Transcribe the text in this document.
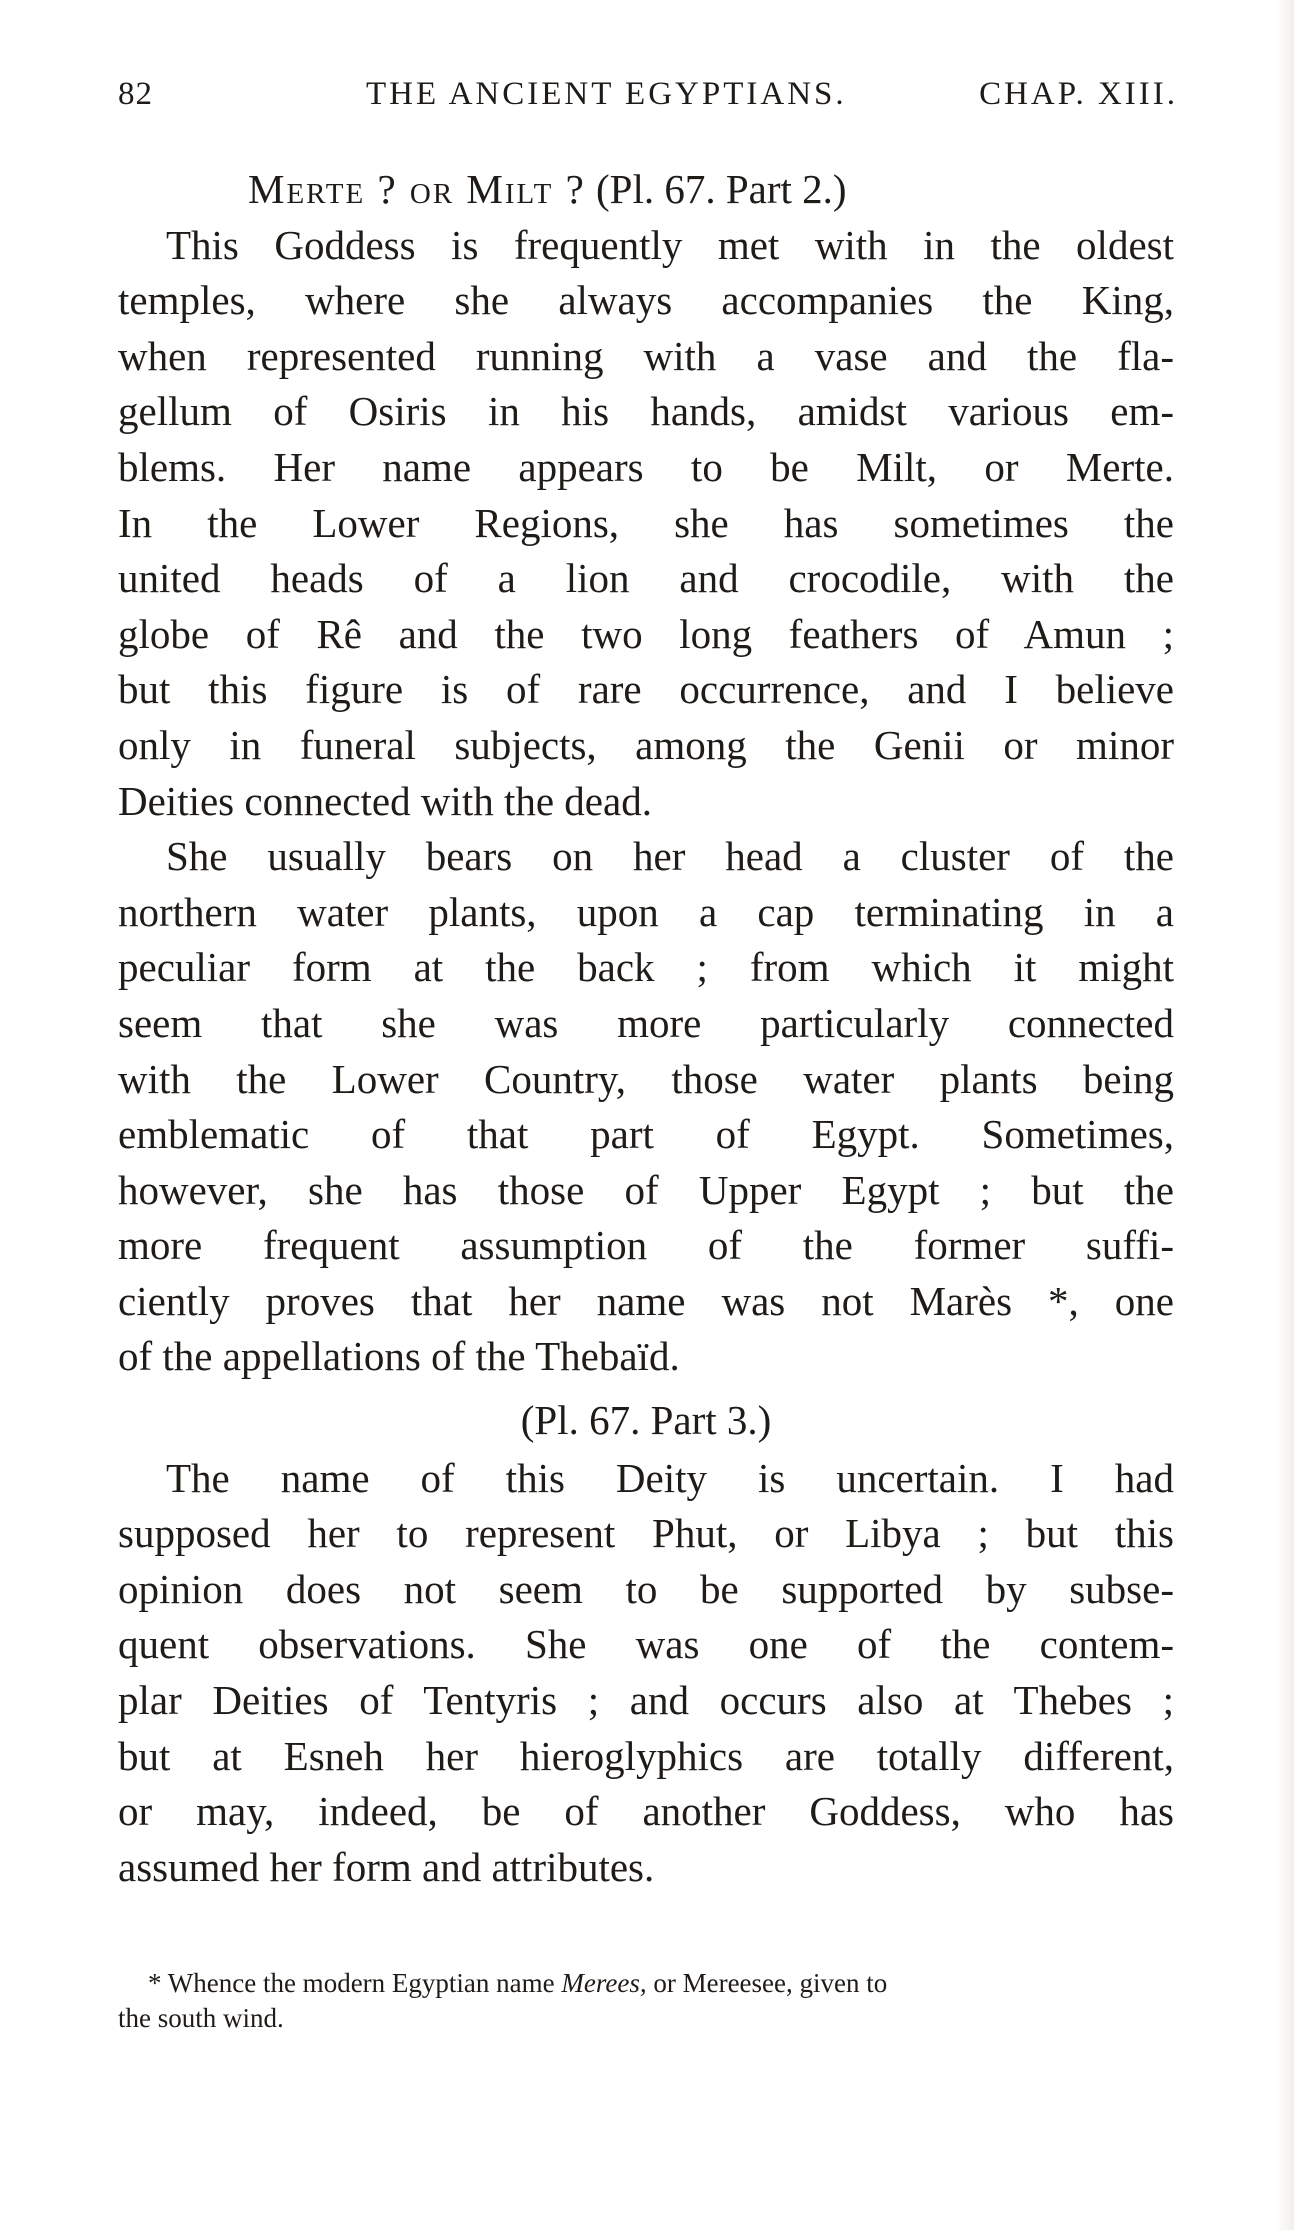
82	THE ANCIENT EGYPTIANS.	CHAP. XIII.
Merte ? or Milt ? (Pl. 67. Part 2.)
This Goddess is frequently met with in the oldest
temples, where she always accompanies the King,
when represented running with a vase and the fla-
gellum of Osiris in his hands, amidst various em-
blems. Her name appears to be Milt, or Merte.
In the Lower Regions, she has sometimes the
united heads of a lion and crocodile, with the
globe of Rê and the two long feathers of Amun ;
but this figure is of rare occurrence, and I believe
only in funeral subjects, among the Genii or minor
Deities connected with the dead.
She usually bears on her head a cluster of the
northern water plants, upon a cap terminating in a
peculiar form at the back ; from which it might
seem that she was more particularly connected
with the Lower Country, those water plants being
emblematic of that part of Egypt. Sometimes,
however, she has those of Upper Egypt ; but the
more frequent assumption of the former suffi-
ciently proves that her name was not Marès *, one
of the appellations of the Thebaïd.
(Pl. 67. Part 3.)
The name of this Deity is uncertain. I had
supposed her to represent Phut, or Libya ; but this
opinion does not seem to be supported by subse-
quent observations. She was one of the contem-
plar Deities of Tentyris ; and occurs also at Thebes ;
but at Esneh her hieroglyphics are totally different,
or may, indeed, be of another Goddess, who has
assumed her form and attributes.
* Whence the modern Egyptian name Merees, or Mereesee, given to
the south wind.
